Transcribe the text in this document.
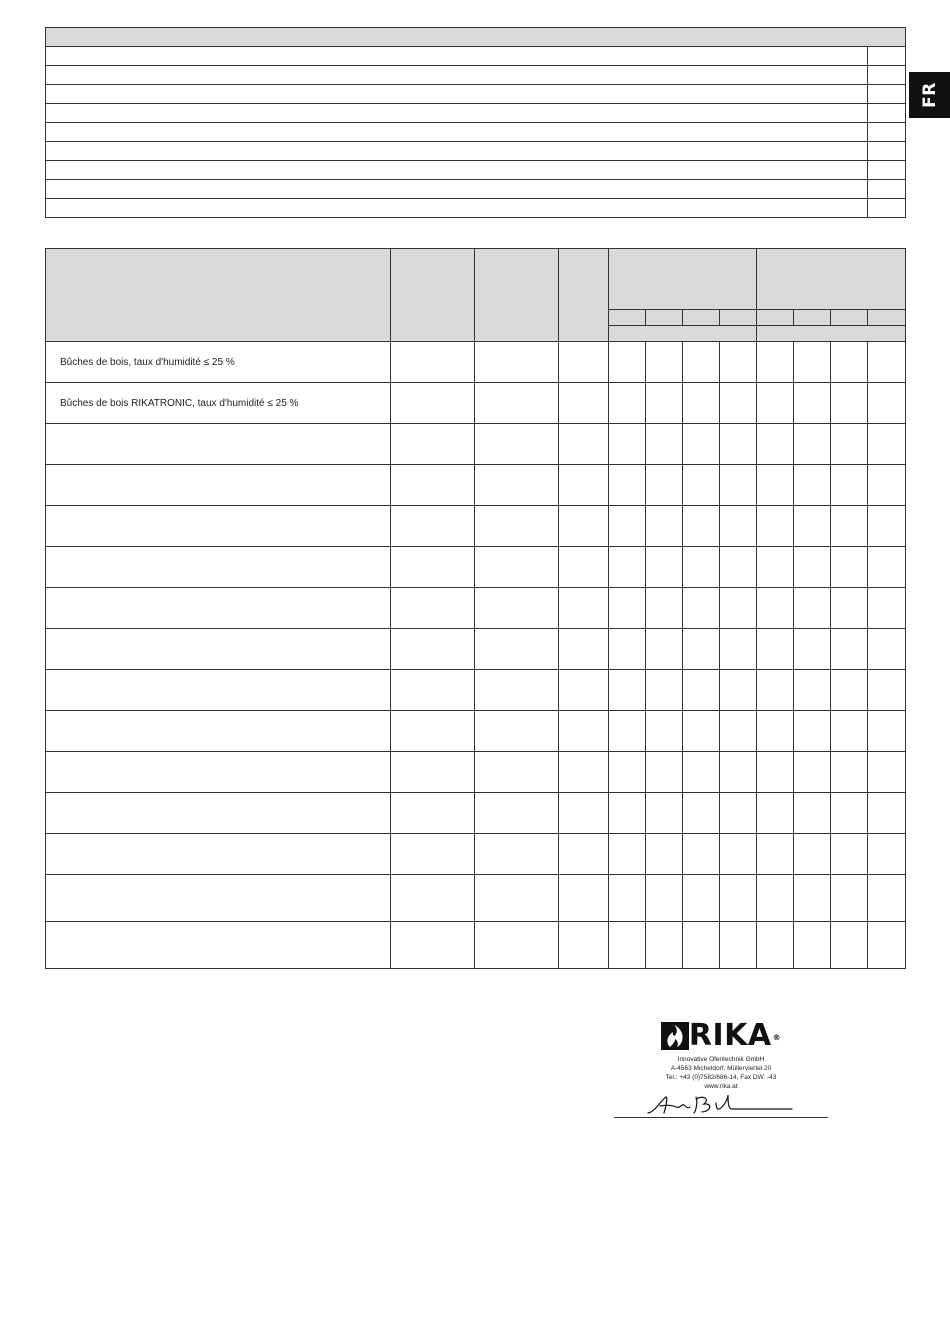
FR

Bûches de bois, taux d'humidité ≤ 25 %											
Bûches de bois RIKATRONIC, taux d'humidité ≤ 25 %											

RIKA®
Innovative Ofentechnik GmbH
A-4563 Micheldorf, Müllerviertel 20
Tel.: +43 (0)7582/686-14, Fax DW. -43
www.rika.at
